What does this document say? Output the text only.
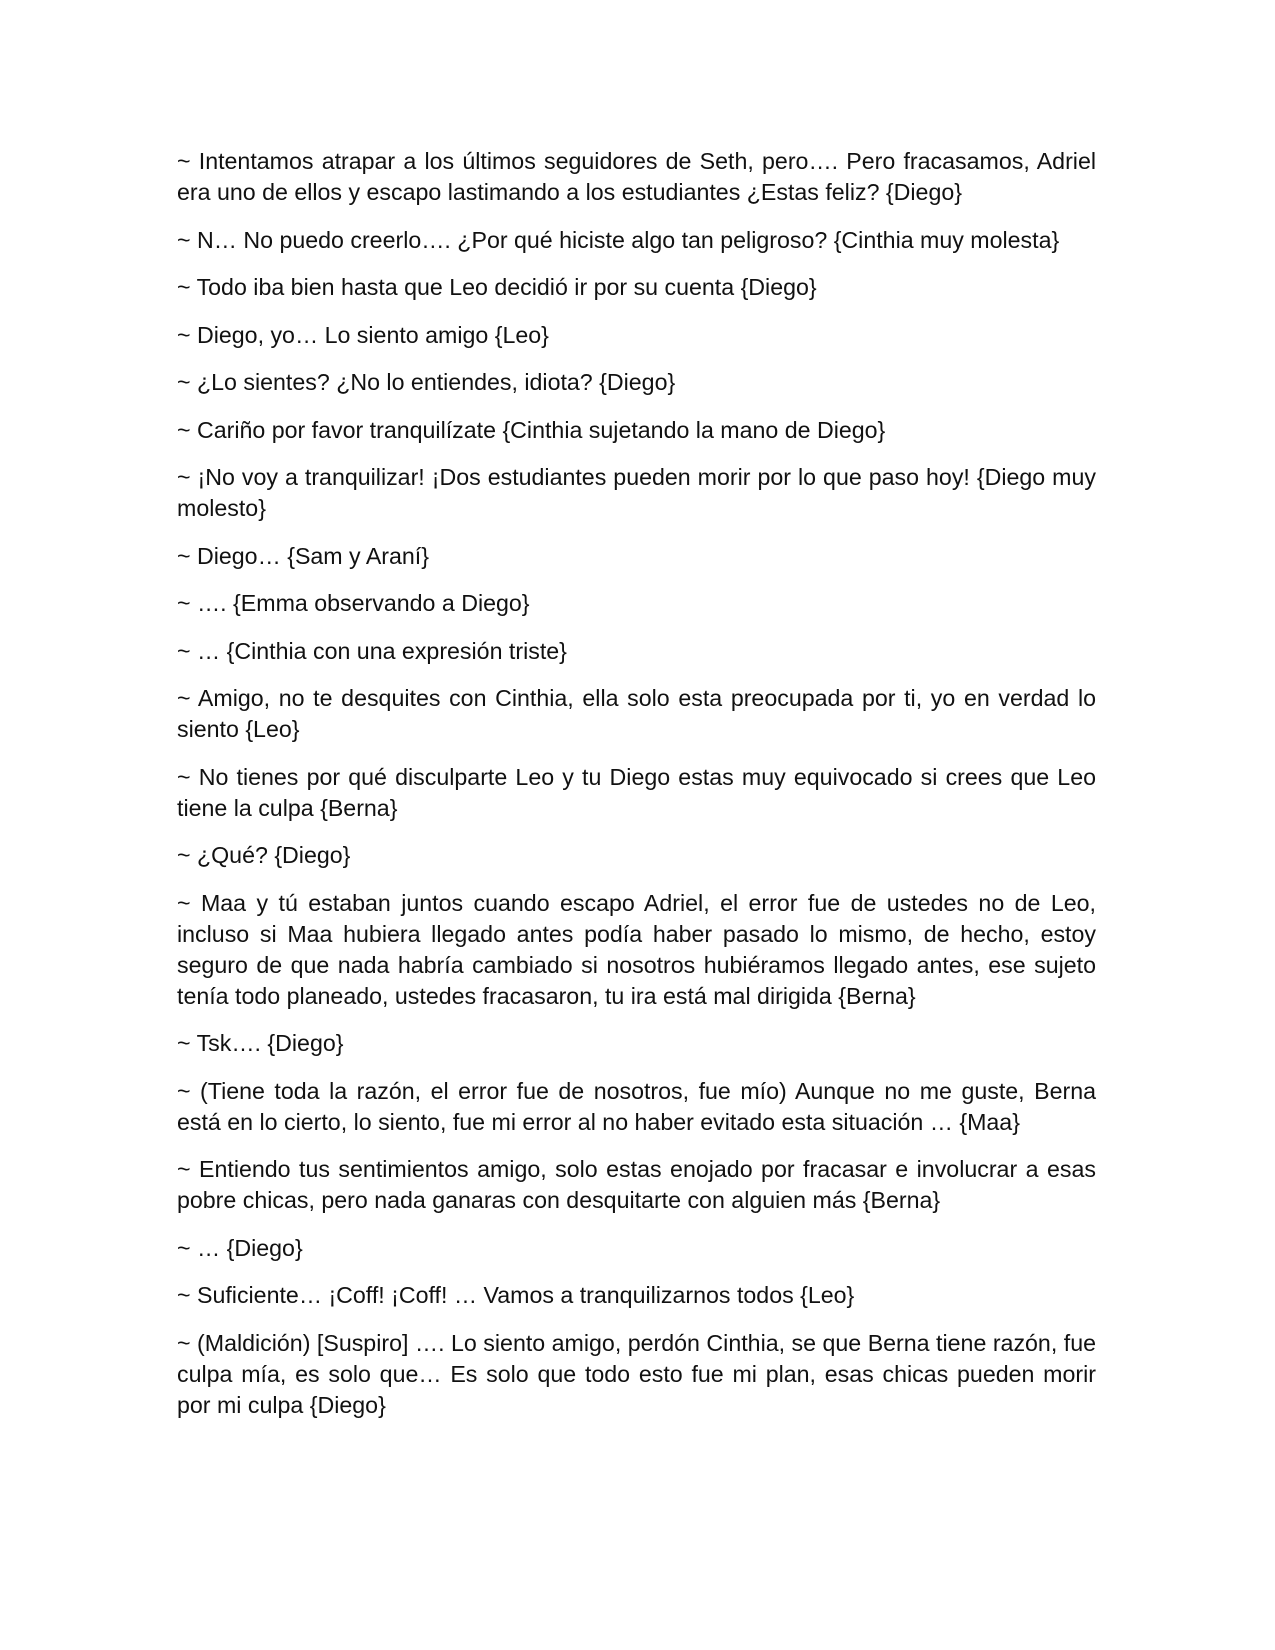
~ Intentamos atrapar a los últimos seguidores de Seth, pero…. Pero fracasamos, Adriel era uno de ellos y escapo lastimando a los estudiantes ¿Estas feliz? {Diego}

~ N… No puedo creerlo…. ¿Por qué hiciste algo tan peligroso? {Cinthia muy molesta}

~ Todo iba bien hasta que Leo decidió ir por su cuenta {Diego}

~ Diego, yo… Lo siento amigo {Leo}

~ ¿Lo sientes? ¿No lo entiendes, idiota? {Diego}

~ Cariño por favor tranquilízate {Cinthia sujetando la mano de Diego}

~ ¡No voy a tranquilizar! ¡Dos estudiantes pueden morir por lo que paso hoy! {Diego muy molesto}

~ Diego… {Sam y Araní}

~ …. {Emma observando a Diego}

~ … {Cinthia con una expresión triste}

~ Amigo, no te desquites con Cinthia, ella solo esta preocupada por ti, yo en verdad lo siento {Leo}

~ No tienes por qué disculparte Leo y tu Diego estas muy equivocado si crees que Leo tiene la culpa {Berna}

~ ¿Qué? {Diego}

~ Maa y tú estaban juntos cuando escapo Adriel, el error fue de ustedes no de Leo, incluso si Maa hubiera llegado antes podía haber pasado lo mismo, de hecho, estoy seguro de que nada habría cambiado si nosotros hubiéramos llegado antes, ese sujeto tenía todo planeado, ustedes fracasaron, tu ira está mal dirigida {Berna}

~ Tsk…. {Diego}

~ (Tiene toda la razón, el error fue de nosotros, fue mío) Aunque no me guste, Berna está en lo cierto, lo siento, fue mi error al no haber evitado esta situación … {Maa}

~ Entiendo tus sentimientos amigo, solo estas enojado por fracasar e involucrar a esas pobre chicas, pero nada ganaras con desquitarte con alguien más {Berna}

~ … {Diego}

~ Suficiente… ¡Coff! ¡Coff! … Vamos a tranquilizarnos todos {Leo}

~ (Maldición) [Suspiro] …. Lo siento amigo, perdón Cinthia, se que Berna tiene razón, fue culpa mía, es solo que… Es solo que todo esto fue mi plan, esas chicas pueden morir por mi culpa {Diego}
